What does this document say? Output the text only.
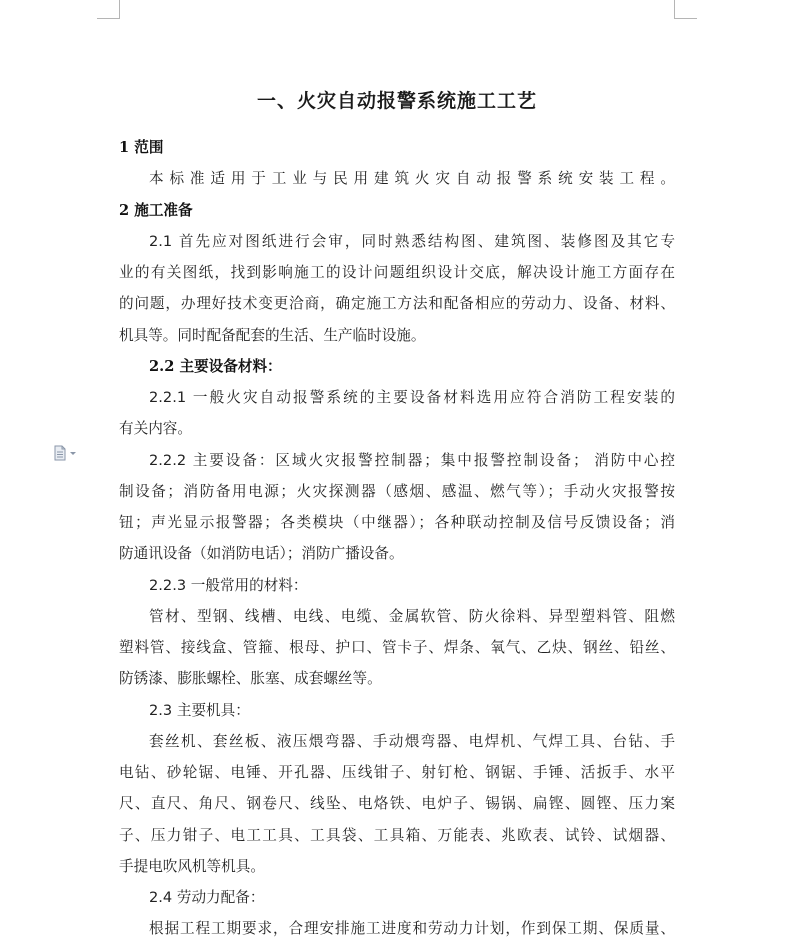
一、火灾自动报警系统施工工艺
1 范围
本标准适用于工业与民用建筑火灾自动报警系统安装工程。
2 施工准备
2.1 首先应对图纸进行会审，同时熟悉结构图、建筑图、装修图及其它专
业的有关图纸，找到影响施工的设计问题组织设计交底，解决设计施工方面存在
的问题，办理好技术变更洽商，确定施工方法和配备相应的劳动力、设备、材料、
机具等。同时配备配套的生活、生产临时设施。
2.2 主要设备材料：
2.2.1 一般火灾自动报警系统的主要设备材料选用应符合消防工程安装的
有关内容。
2.2.2 主要设备：区域火灾报警控制器；集中报警控制设备； 消防中心控
制设备；消防备用电源；火灾探测器（感烟、感温、燃气等）；手动火灾报警按
钮；声光显示报警器；各类模块（中继器）；各种联动控制及信号反馈设备；消
防通讯设备（如消防电话）；消防广播设备。
2.2.3 一般常用的材料：
管材、型钢、线槽、电线、电缆、金属软管、防火徐料、异型塑料管、阻燃
塑料管、接线盒、管箍、根母、护口、管卡子、焊条、氧气、乙炔、钢丝、铅丝、
防锈漆、膨胀螺栓、胀塞、成套螺丝等。
2.3 主要机具：
套丝机、套丝板、液压煨弯器、手动煨弯器、电焊机、气焊工具、台钻、手
电钻、砂轮锯、电锤、开孔器、压线钳子、射钉枪、钢锯、手锤、活扳手、水平
尺、直尺、角尺、钢卷尺、线坠、电烙铁、电炉子、锡锅、扁铿、圆铿、压力案
子、压力钳子、电工工具、工具袋、工具箱、万能表、兆欧表、试铃、试烟器、
手提电吹风机等机具。
2.4 劳动力配备：
根据工程工期要求，合理安排施工进度和劳动力计划，作到保工期、保质量、
